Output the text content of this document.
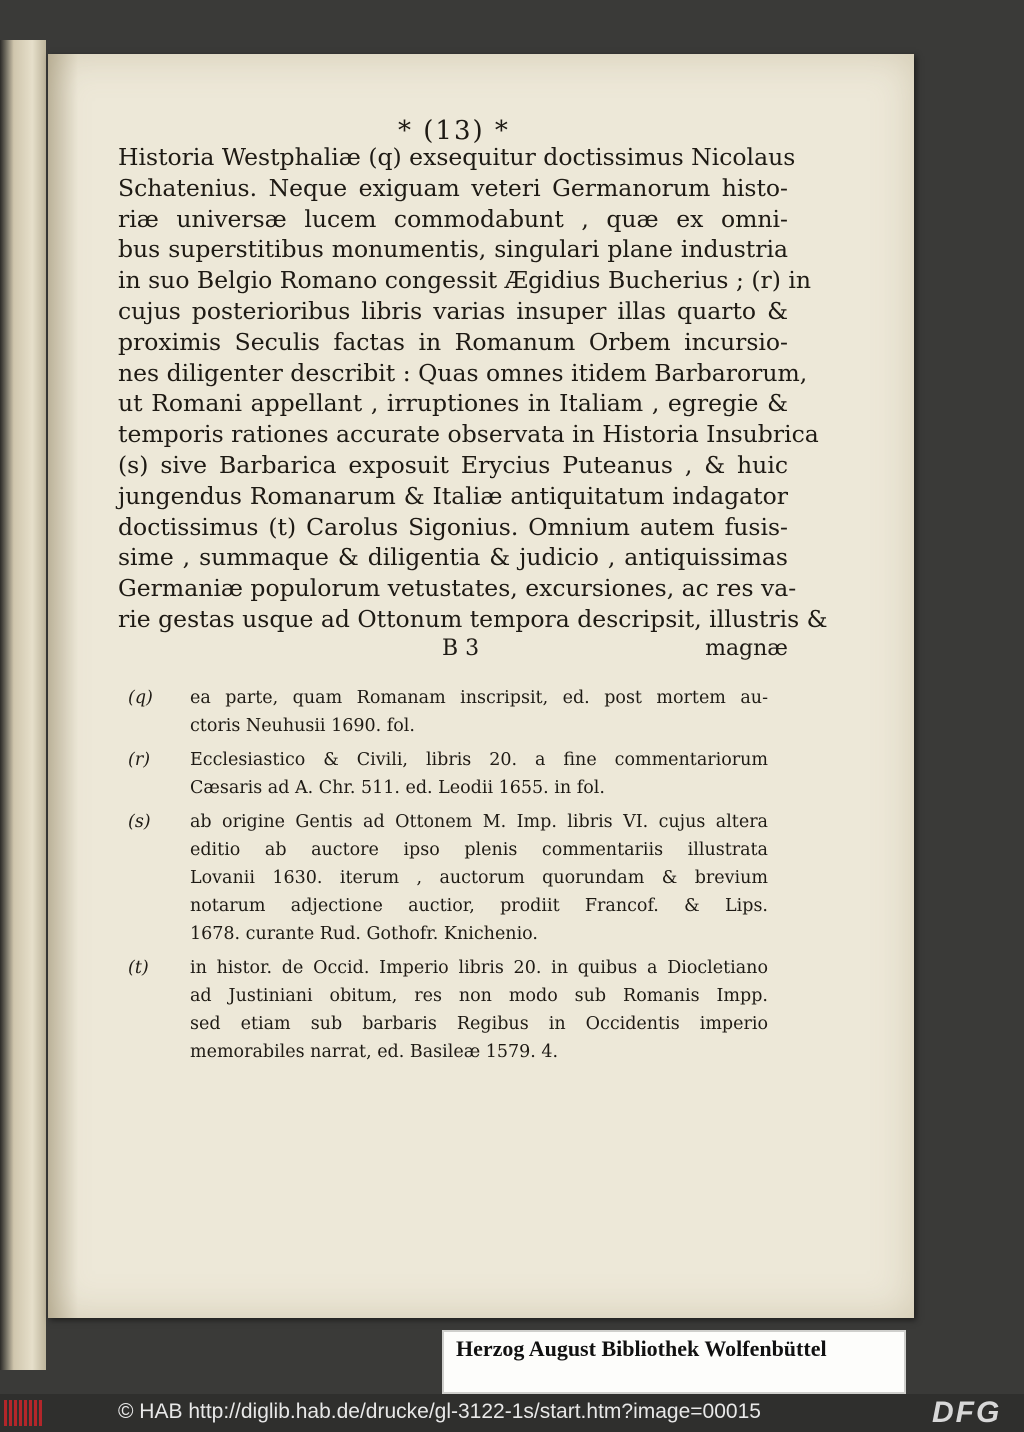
* (13) *
Historia Westphaliæ (q) exsequitur doctissimus Nicolaus
Schatenius. Neque exiguam veteri Germanorum histo-
riæ universæ lucem commodabunt , quæ ex omni-
bus superstitibus monumentis, singulari plane industria
in suo Belgio Romano congessit Ægidius Bucherius ; (r) in
cujus posterioribus libris varias insuper illas quarto &
proximis Seculis factas in Romanum Orbem incursio-
nes diligenter describit : Quas omnes itidem Barbarorum,
ut Romani appellant , irruptiones in Italiam , egregie &
temporis rationes accurate observata in Historia Insubrica
(s) sive Barbarica exposuit Erycius Puteanus , & huic
jungendus Romanarum & Italiæ antiquitatum indagator
doctissimus (t) Carolus Sigonius. Omnium autem fusis-
sime , summaque & diligentia & judicio , antiquissimas
Germaniæ populorum vetustates, excursiones, ac res va-
rie gestas usque ad Ottonum tempora descripsit, illustris &
B 3	magnæ
(q) ea parte, quam Romanam inscripsit, ed. post mortem au-
ctoris Neuhusii 1690. fol.
(r) Ecclesiastico & Civili, libris 20. a fine commentariorum
Cæsaris ad A. Chr. 511. ed. Leodii 1655. in fol.
(s) ab origine Gentis ad Ottonem M. Imp. libris VI. cujus altera
editio ab auctore ipso plenis commentariis illustrata
Lovanii 1630. iterum , auctorum quorundam & brevium
notarum adjectione auctior, prodiit Francof. & Lips.
1678. curante Rud. Gothofr. Knichenio.
(t) in histor. de Occid. Imperio libris 20. in quibus a Diocletiano
ad Justiniani obitum, res non modo sub Romanis Impp.
sed etiam sub barbaris Regibus in Occidentis imperio
memorabiles narrat, ed. Basileæ 1579. 4.
Herzog August Bibliothek Wolfenbüttel
© HAB http://diglib.hab.de/drucke/gl-3122-1s/start.htm?image=00015	DFG
